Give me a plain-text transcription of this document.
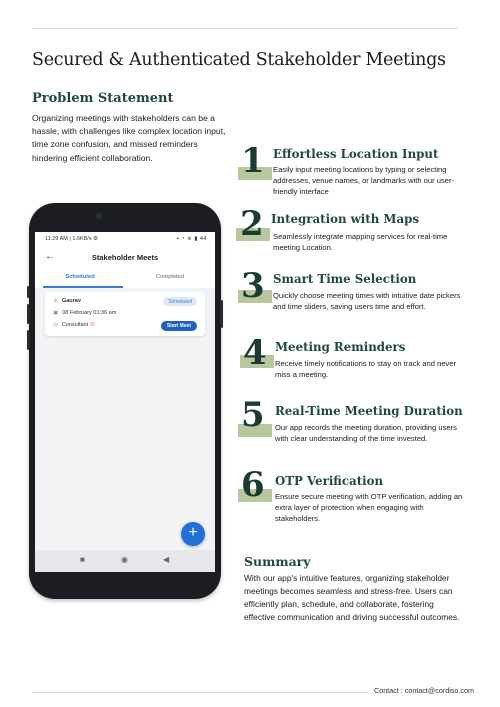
Secured & Authenticated Stakeholder Meetings
Problem Statement
Organizing meetings with stakeholders can be a hassle, with challenges like complex location input, time zone confusion, and missed reminders hindering efficient collaboration.
11:29 AM | 1.6KB/s ⚙	▪ ◔ ≋ ▮ 44
←	Stakeholder Meets
Scheduled	Completed
♙ Gaurav	Scheduled
▣ 08 February 01:36 am
◷ Consultant ✆	Start Meet
+
■	◉	◀
1 Effortless Location Input
Easily input meeting locations by typing or selecting addresses, venue names, or landmarks with our user-friendly interface
2 Integration with Maps
Seamlessly integrate mapping services for real-time meeting Location.
3 Smart Time Selection
Quickly choose meeting times with intuitive date pickers and time sliders, saving users time and effort.
4 Meeting Reminders
Receive timely notifications to stay on track and never miss a meeting.
5 Real-Time Meeting Duration
Our app records the meeting duration, providing users with clear understanding of the time invested.
6 OTP Verification
Ensure secure meeting with OTP verification, adding an extra layer of protection when engaging with stakeholders.
Summary
With our app's intuitive features, organizing stakeholder meetings becomes seamless and stress-free. Users can efficiently plan, schedule, and collaborate, fostering effective communication and driving successful outcomes.
Contact : contact@cordiso.com
